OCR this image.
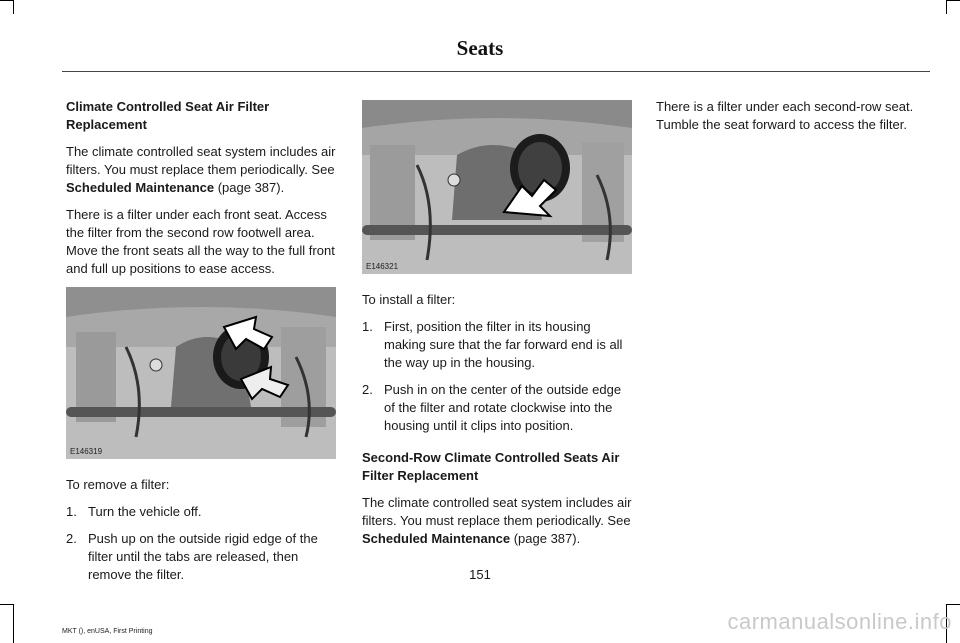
Seats
Climate Controlled Seat Air Filter Replacement

The climate controlled seat system includes air filters. You must replace them periodically. See Scheduled Maintenance (page 387).

There is a filter under each front seat. Access the filter from the second row footwell area. Move the front seats all the way to the full front and full up positions to ease access.

E146319

To remove a filter:

1. Turn the vehicle off.
2. Push up on the outside rigid edge of the filter until the tabs are released, then remove the filter.
E146321

To install a filter:

1. First, position the filter in its housing making sure that the far forward end is all the way up in the housing.
2. Push in on the center of the outside edge of the filter and rotate clockwise into the housing until it clips into position.
Second-Row Climate Controlled Seats Air Filter Replacement

The climate controlled seat system includes air filters. You must replace them periodically. See Scheduled Maintenance (page 387).

There is a filter under each second-row seat. Tumble the seat forward to access the filter.

151
MKT (), enUSA, First Printing	carmanualsonline.info
